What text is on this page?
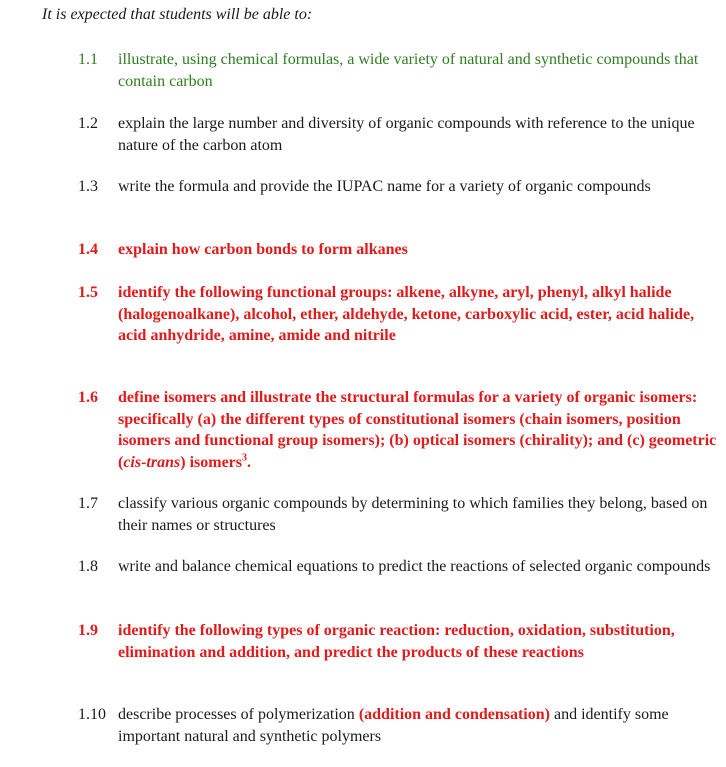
It is expected that students will be able to:
1.1	illustrate, using chemical formulas, a wide variety of natural and synthetic compounds that contain carbon
1.2	explain the large number and diversity of organic compounds with reference to the unique nature of the carbon atom
1.3	write the formula and provide the IUPAC name for a variety of organic compounds
1.4	explain how carbon bonds to form alkanes
1.5	identify the following functional groups: alkene, alkyne, aryl, phenyl, alkyl halide (halogenoalkane), alcohol, ether, aldehyde, ketone, carboxylic acid, ester, acid halide, acid anhydride, amine, amide and nitrile
1.6	define isomers and illustrate the structural formulas for a variety of organic isomers: specifically (a) the different types of constitutional isomers (chain isomers, position isomers and functional group isomers); (b) optical isomers (chirality); and (c) geometric (cis-trans) isomers$^3$.
1.7	classify various organic compounds by determining to which families they belong, based on their names or structures
1.8	write and balance chemical equations to predict the reactions of selected organic compounds
1.9	identify the following types of organic reaction: reduction, oxidation, substitution, elimination and addition, and predict the products of these reactions
1.10 describe processes of polymerization (addition and condensation) and identify some important natural and synthetic polymers
